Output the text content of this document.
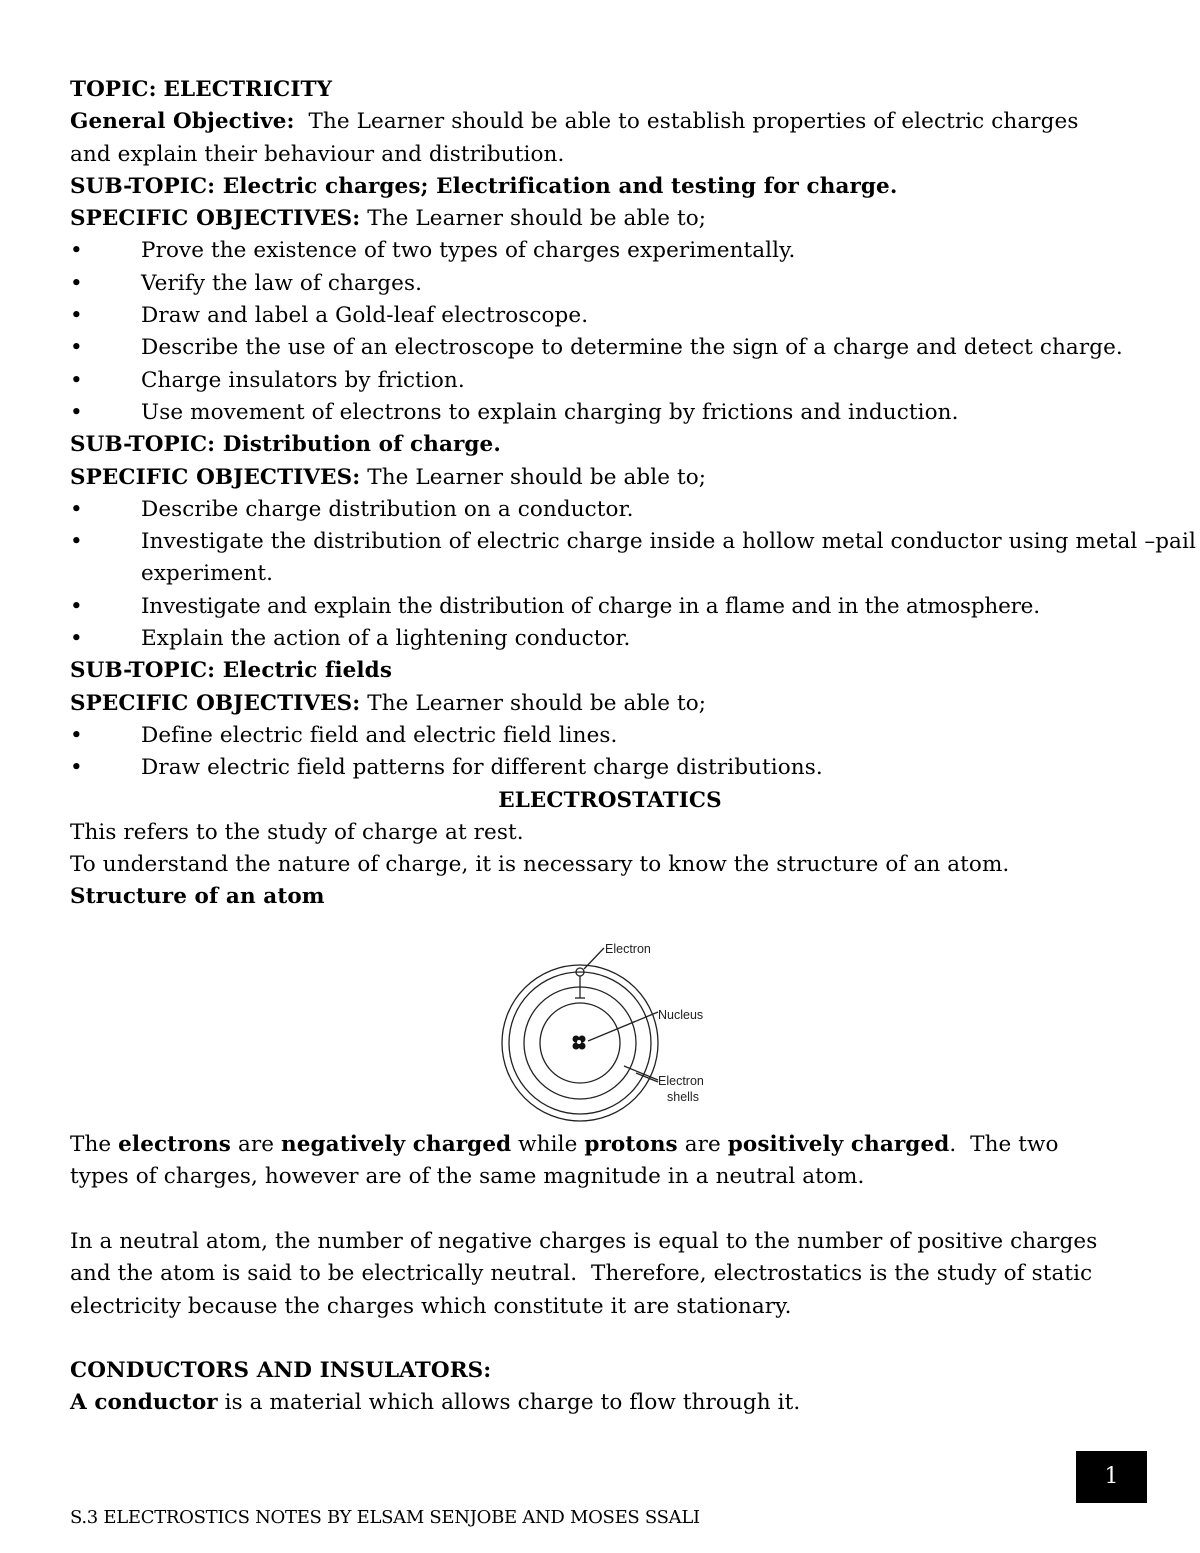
TOPIC: ELECTRICITY
General Objective: The Learner should be able to establish properties of electric charges
and explain their behaviour and distribution.
SUB-TOPIC: Electric charges; Electrification and testing for charge.
SPECIFIC OBJECTIVES: The Learner should be able to;
•	Prove the existence of two types of charges experimentally.
•	Verify the law of charges.
•	Draw and label a Gold-leaf electroscope.
•	Describe the use of an electroscope to determine the sign of a charge and detect charge.
•	Charge insulators by friction.
•	Use movement of electrons to explain charging by frictions and induction.
SUB-TOPIC: Distribution of charge.
SPECIFIC OBJECTIVES: The Learner should be able to;
•	Describe charge distribution on a conductor.
•	Investigate the distribution of electric charge inside a hollow metal conductor using metal –pail experiment.
•	Investigate and explain the distribution of charge in a flame and in the atmosphere.
•	Explain the action of a lightening conductor.
SUB-TOPIC: Electric fields
SPECIFIC OBJECTIVES: The Learner should be able to;
•	Define electric field and electric field lines.
•	Draw electric field patterns for different charge distributions.
ELECTROSTATICS
This refers to the study of charge at rest.
To understand the nature of charge, it is necessary to know the structure of an atom.
Structure of an atom
Electron
Nucleus
Electron
shells
The electrons are negatively charged while protons are positively charged.  The two
types of charges, however are of the same magnitude in a neutral atom.
In a neutral atom, the number of negative charges is equal to the number of positive charges
and the atom is said to be electrically neutral.  Therefore, electrostatics is the study of static
electricity because the charges which constitute it are stationary.
CONDUCTORS AND INSULATORS:
A conductor is a material which allows charge to flow through it.
1
S.3 ELECTROSTICS NOTES BY ELSAM SENJOBE AND MOSES SSALI
